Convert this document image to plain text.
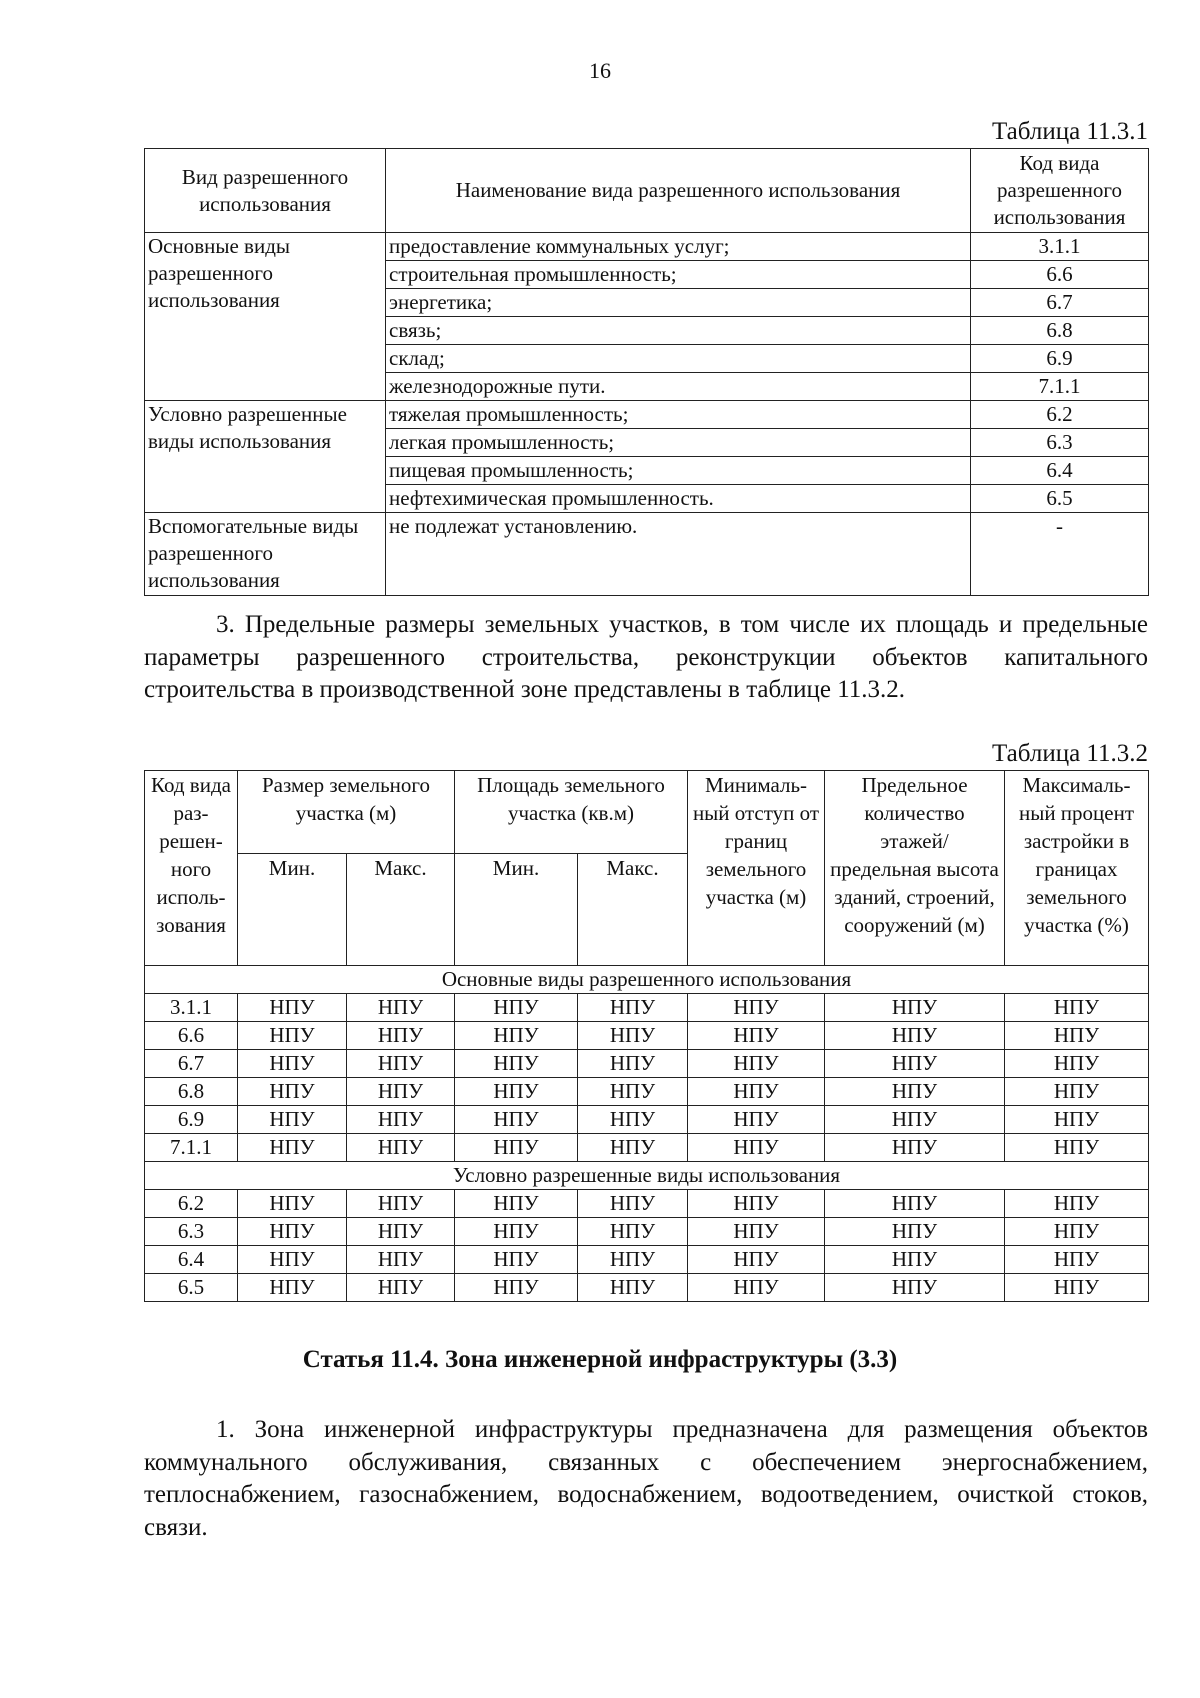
16
Таблица 11.3.1
Вид разрешенного использования	Наименование вида разрешенного использования	Код вида разрешенного использования
Основные виды разрешенного использования	предоставление коммунальных услуг;	3.1.1
	строительная промышленность;	6.6
	энергетика;	6.7
	связь;	6.8
	склад;	6.9
	железнодорожные пути.	7.1.1
Условно разрешенные виды использования	тяжелая промышленность;	6.2
	легкая промышленность;	6.3
	пищевая промышленность;	6.4
	нефтехимическая промышленность.	6.5
Вспомогательные виды разрешенного использования	не подлежат установлению.	-
3. Предельные размеры земельных участков, в том числе их площадь и предельные параметры разрешенного строительства, реконструкции объектов капитального строительства в производственной зоне представлены в таблице 11.3.2.
Таблица 11.3.2
Код вида раз-решен-ного исполь-зования	Размер земельного участка (м)		Площадь земельного участка (кв.м)		Минималь-ный отступ от границ земельного участка (м)	Предельное количество этажей/ предельная высота зданий, строений, сооружений (м)	Максималь-ный процент застройки в границах земельного участка (%)
	Мин.	Макс.	Мин.	Макс.			
Основные виды разрешенного использования							
3.1.1	НПУ	НПУ	НПУ	НПУ	НПУ	НПУ	НПУ
6.6	НПУ	НПУ	НПУ	НПУ	НПУ	НПУ	НПУ
6.7	НПУ	НПУ	НПУ	НПУ	НПУ	НПУ	НПУ
6.8	НПУ	НПУ	НПУ	НПУ	НПУ	НПУ	НПУ
6.9	НПУ	НПУ	НПУ	НПУ	НПУ	НПУ	НПУ
7.1.1	НПУ	НПУ	НПУ	НПУ	НПУ	НПУ	НПУ
Условно разрешенные виды использования							
6.2	НПУ	НПУ	НПУ	НПУ	НПУ	НПУ	НПУ
6.3	НПУ	НПУ	НПУ	НПУ	НПУ	НПУ	НПУ
6.4	НПУ	НПУ	НПУ	НПУ	НПУ	НПУ	НПУ
6.5	НПУ	НПУ	НПУ	НПУ	НПУ	НПУ	НПУ
Статья 11.4. Зона инженерной инфраструктуры (3.3)
1. Зона инженерной инфраструктуры предназначена для размещения объектов коммунального обслуживания, связанных с обеспечением энергоснабжением, теплоснабжением, газоснабжением, водоснабжением, водоотведением, очисткой стоков, связи.
